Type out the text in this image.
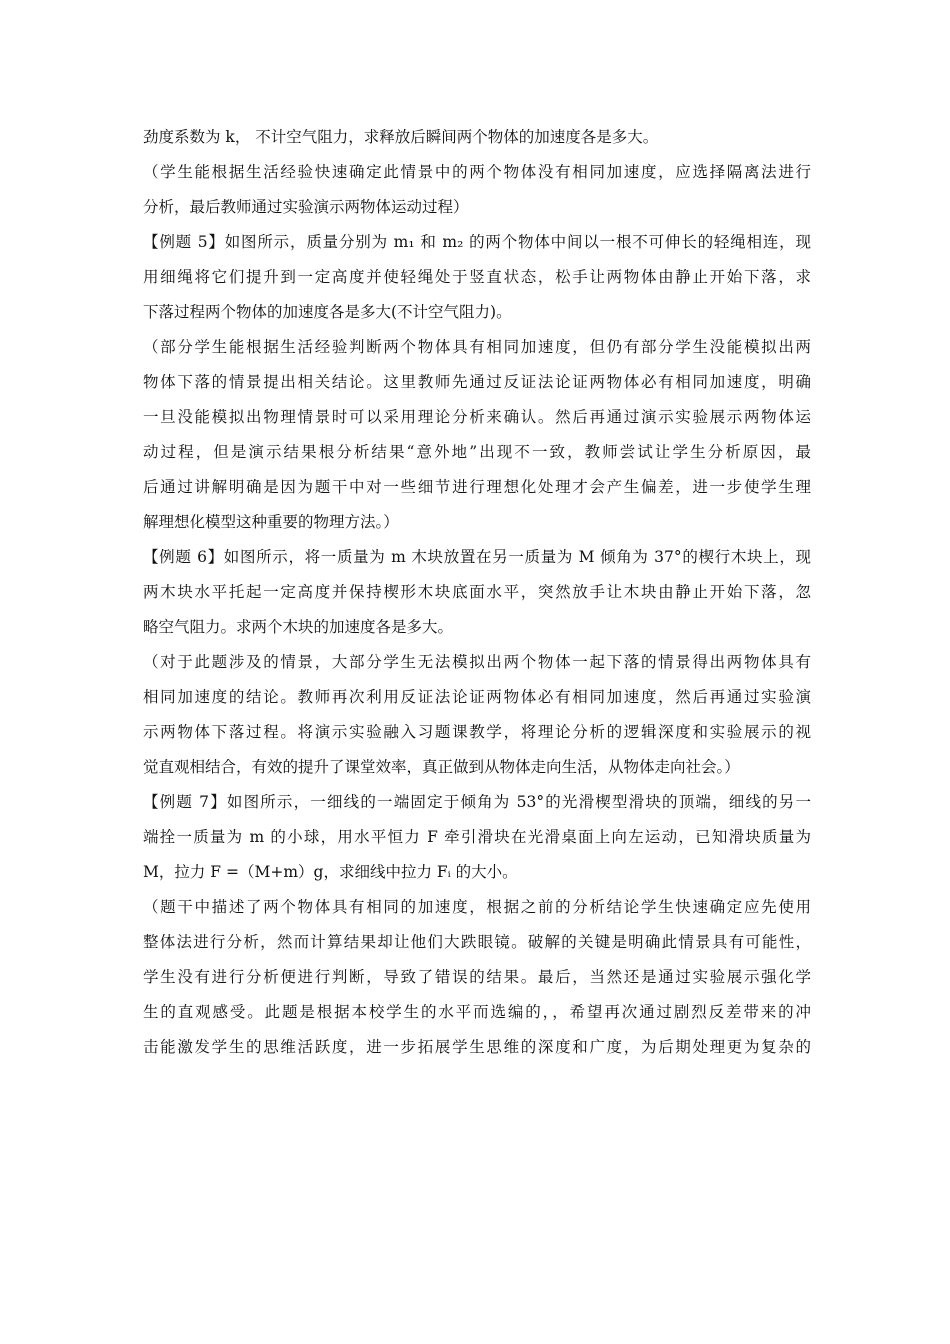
劲度系数为 k， 不计空气阻力，求释放后瞬间两个物体的加速度各是多大。
（学生能根据生活经验快速确定此情景中的两个物体没有相同加速度，应选择隔离法进行
分析，最后教师通过实验演示两物体运动过程）
【例题 5】如图所示，质量分别为 m₁ 和 m₂ 的两个物体中间以一根不可伸长的轻绳相连，现
用细绳将它们提升到一定高度并使轻绳处于竖直状态，松手让两物体由静止开始下落，求
下落过程两个物体的加速度各是多大(不计空气阻力)。
（部分学生能根据生活经验判断两个物体具有相同加速度，但仍有部分学生没能模拟出两
物体下落的情景提出相关结论。这里教师先通过反证法论证两物体必有相同加速度，明确
一旦没能模拟出物理情景时可以采用理论分析来确认。然后再通过演示实验展示两物体运
动过程，但是演示结果根分析结果“意外地”出现不一致，教师尝试让学生分析原因，最
后通过讲解明确是因为题干中对一些细节进行理想化处理才会产生偏差，进一步使学生理
解理想化模型这种重要的物理方法。）
【例题 6】如图所示，将一质量为 m 木块放置在另一质量为 M 倾角为 37°的楔行木块上，现
两木块水平托起一定高度并保持楔形木块底面水平，突然放手让木块由静止开始下落，忽
略空气阻力。求两个木块的加速度各是多大。
（对于此题涉及的情景，大部分学生无法模拟出两个物体一起下落的情景得出两物体具有
相同加速度的结论。教师再次利用反证法论证两物体必有相同加速度，然后再通过实验演
示两物体下落过程。将演示实验融入习题课教学，将理论分析的逻辑深度和实验展示的视
觉直观相结合，有效的提升了课堂效率，真正做到从物体走向生活，从物体走向社会。）
【例题 7】如图所示，一细线的一端固定于倾角为 53°的光滑楔型滑块的顶端，细线的另一
端拴一质量为 m 的小球，用水平恒力 F 牵引滑块在光滑桌面上向左运动，已知滑块质量为
M，拉力 F =（M+m）g，求细线中拉力 Fᵢ 的大小。
（题干中描述了两个物体具有相同的加速度，根据之前的分析结论学生快速确定应先使用
整体法进行分析，然而计算结果却让他们大跌眼镜。破解的关键是明确此情景具有可能性，
学生没有进行分析便进行判断，导致了错误的结果。最后，当然还是通过实验展示强化学
生的直观感受。此题是根据本校学生的水平而选编的，，希望再次通过剧烈反差带来的冲
击能激发学生的思维活跃度，进一步拓展学生思维的深度和广度，为后期处理更为复杂的
